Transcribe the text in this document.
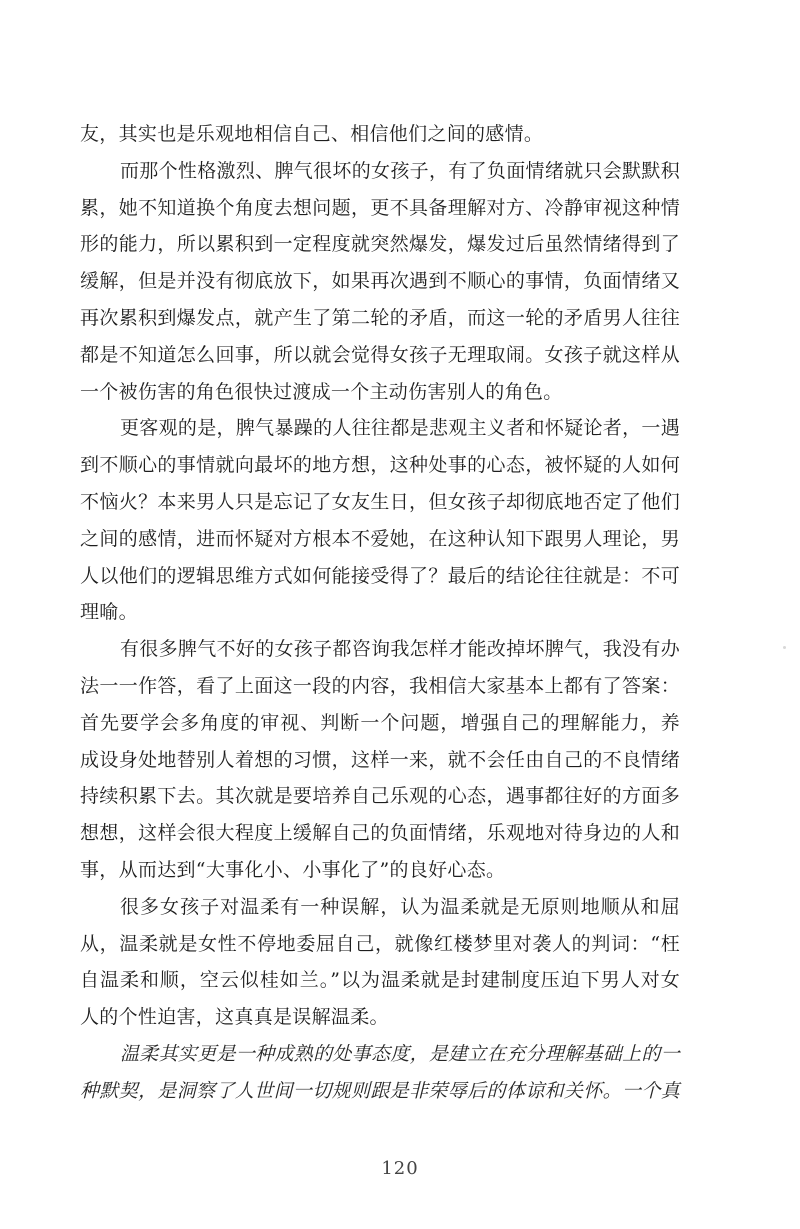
友，其实也是乐观地相信自己、相信他们之间的感情。
而那个性格激烈、脾气很坏的女孩子，有了负面情绪就只会默默积
累，她不知道换个角度去想问题，更不具备理解对方、冷静审视这种情
形的能力，所以累积到一定程度就突然爆发，爆发过后虽然情绪得到了
缓解，但是并没有彻底放下，如果再次遇到不顺心的事情，负面情绪又
再次累积到爆发点，就产生了第二轮的矛盾，而这一轮的矛盾男人往往
都是不知道怎么回事，所以就会觉得女孩子无理取闹。女孩子就这样从
一个被伤害的角色很快过渡成一个主动伤害别人的角色。
更客观的是，脾气暴躁的人往往都是悲观主义者和怀疑论者，一遇
到不顺心的事情就向最坏的地方想，这种处事的心态，被怀疑的人如何
不恼火？本来男人只是忘记了女友生日，但女孩子却彻底地否定了他们
之间的感情，进而怀疑对方根本不爱她，在这种认知下跟男人理论，男
人以他们的逻辑思维方式如何能接受得了？最后的结论往往就是：不可
理喻。
有很多脾气不好的女孩子都咨询我怎样才能改掉坏脾气，我没有办
法一一作答，看了上面这一段的内容，我相信大家基本上都有了答案：
首先要学会多角度的审视、判断一个问题，增强自己的理解能力，养
成设身处地替别人着想的习惯，这样一来，就不会任由自己的不良情绪
持续积累下去。其次就是要培养自己乐观的心态，遇事都往好的方面多
想想，这样会很大程度上缓解自己的负面情绪，乐观地对待身边的人和
事，从而达到“大事化小、小事化了”的良好心态。
很多女孩子对温柔有一种误解，认为温柔就是无原则地顺从和屈
从，温柔就是女性不停地委屈自己，就像红楼梦里对袭人的判词：“枉
自温柔和顺，空云似桂如兰。”以为温柔就是封建制度压迫下男人对女
人的个性迫害，这真真是误解温柔。
温柔其实更是一种成熟的处事态度，是建立在充分理解基础上的一
种默契，是洞察了人世间一切规则跟是非荣辱后的体谅和关怀。一个真
120
